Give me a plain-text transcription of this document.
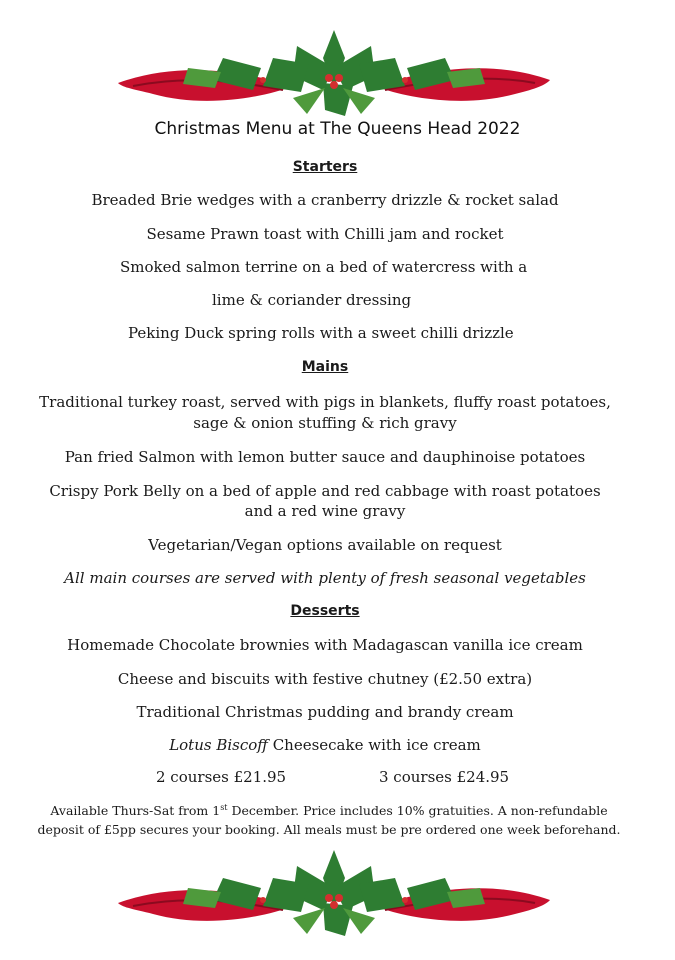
Christmas Menu at The Queens Head 2022
Starters
Breaded Brie wedges with a cranberry drizzle & rocket salad
Sesame Prawn toast with Chilli jam and rocket
Smoked salmon terrine on a bed of watercress with a
lime & coriander dressing
Peking Duck spring rolls with a sweet chilli drizzle
Mains
Traditional turkey roast, served with pigs in blankets, fluffy roast potatoes,
sage & onion stuffing & rich gravy
Pan fried Salmon with lemon butter sauce and dauphinoise potatoes
Crispy Pork Belly on a bed of apple and red cabbage with roast potatoes
and a red wine gravy
Vegetarian/Vegan options available on request
All main courses are served with plenty of fresh seasonal vegetables
Desserts
Homemade Chocolate brownies with Madagascan vanilla ice cream
Cheese and biscuits with festive chutney (£2.50 extra)
Traditional Christmas pudding and brandy cream
Lotus Biscoff Cheesecake with ice cream
2 courses £21.95	3 courses £24.95
Available Thurs-Sat from 1st December. Price includes 10% gratuities. A non-refundable
deposit of £5pp secures your booking. All meals must be pre ordered one week beforehand.
